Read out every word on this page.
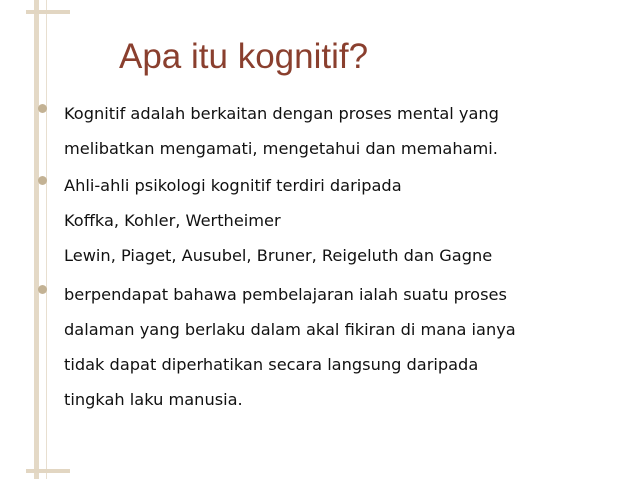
Apa itu kognitif?
Kognitif adalah berkaitan dengan proses mental yang
melibatkan mengamati, mengetahui dan memahami.
Ahli-ahli psikologi kognitif terdiri daripada
Koffka, Kohler, Wertheimer
Lewin, Piaget, Ausubel, Bruner, Reigeluth dan Gagne
berpendapat bahawa pembelajaran ialah suatu proses
dalaman yang berlaku dalam akal fikiran di mana ianya
tidak dapat diperhatikan secara langsung daripada
tingkah laku manusia.
